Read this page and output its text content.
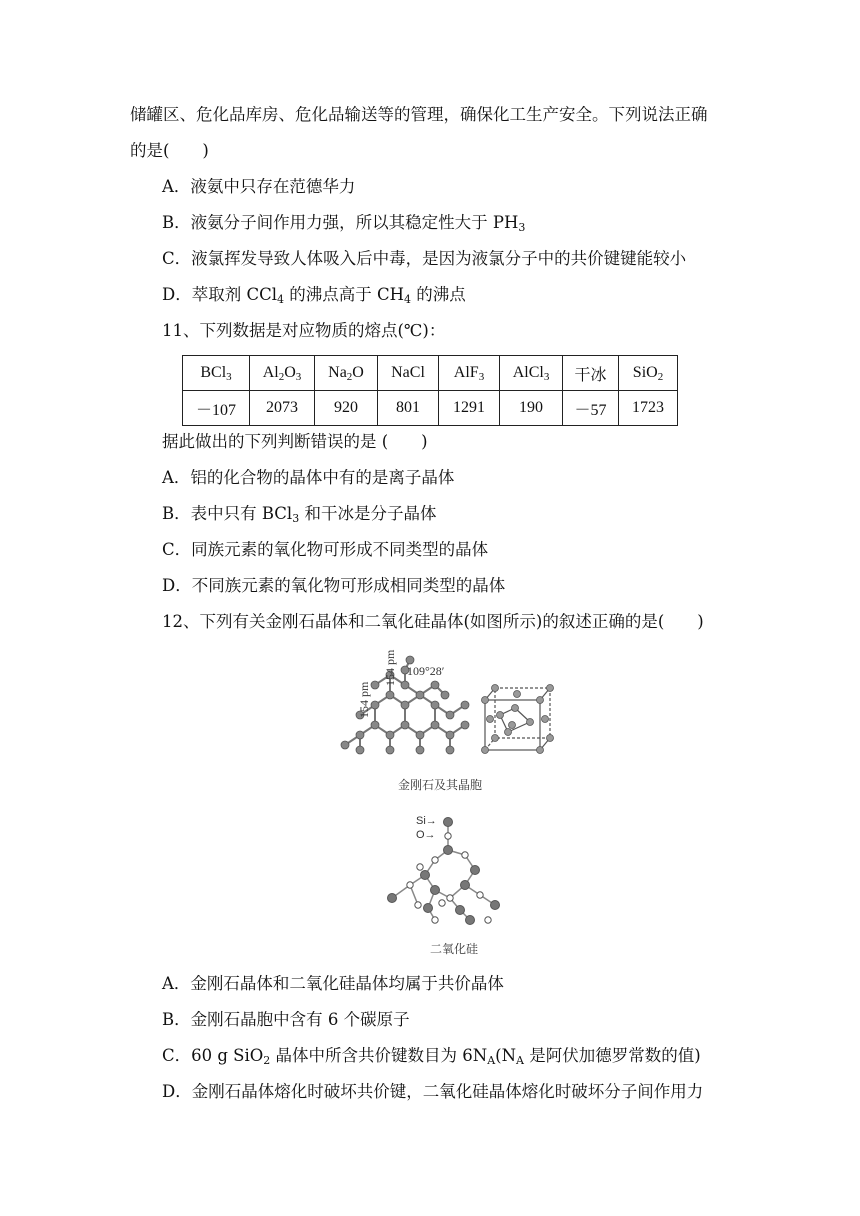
储罐区、危化品库房、危化品输送等的管理，确保化工生产安全。下列说法正确
的是(　　)
A．液氨中只存在范德华力
B．液氨分子间作用力强，所以其稳定性大于 $PH_3$
C．液氯挥发导致人体吸入后中毒，是因为液氯分子中的共价键键能较小
D．萃取剂 CCl$_4$ 的沸点高于 $CH_4$ 的沸点
11、下列数据是对应物质的熔点(℃)：
BCl$_3$	$Al_2O_3$	$Na_2O$	NaCl	AlF$_3$	AlCl$_3$	干冰	SiO$_2$
－107	2073	920	801	1291	190	－57	1723
据此做出的下列判断错误的是 (　　)
A．铝的化合物的晶体中有的是离子晶体
B．表中只有 BCl$_3$ 和干冰是分子晶体
C．同族元素的氧化物可形成不同类型的晶体
D．不同族元素的氧化物可形成相同类型的晶体
12、下列有关金刚石晶体和二氧化硅晶体(如图所示)的叙述正确的是(　　)
154 pm
154 pm 109°28′
金刚石及其晶胞
Si→
O→
二氧化硅
A．金刚石晶体和二氧化硅晶体均属于共价晶体
B．金刚石晶胞中含有 6 个碳原子
C．60 g SiO$_2$ 晶体中所含共价键数目为 $6N_A(N_A$ 是阿伏加德罗常数的值)
D．金刚石晶体熔化时破坏共价键，二氧化硅晶体熔化时破坏分子间作用力
